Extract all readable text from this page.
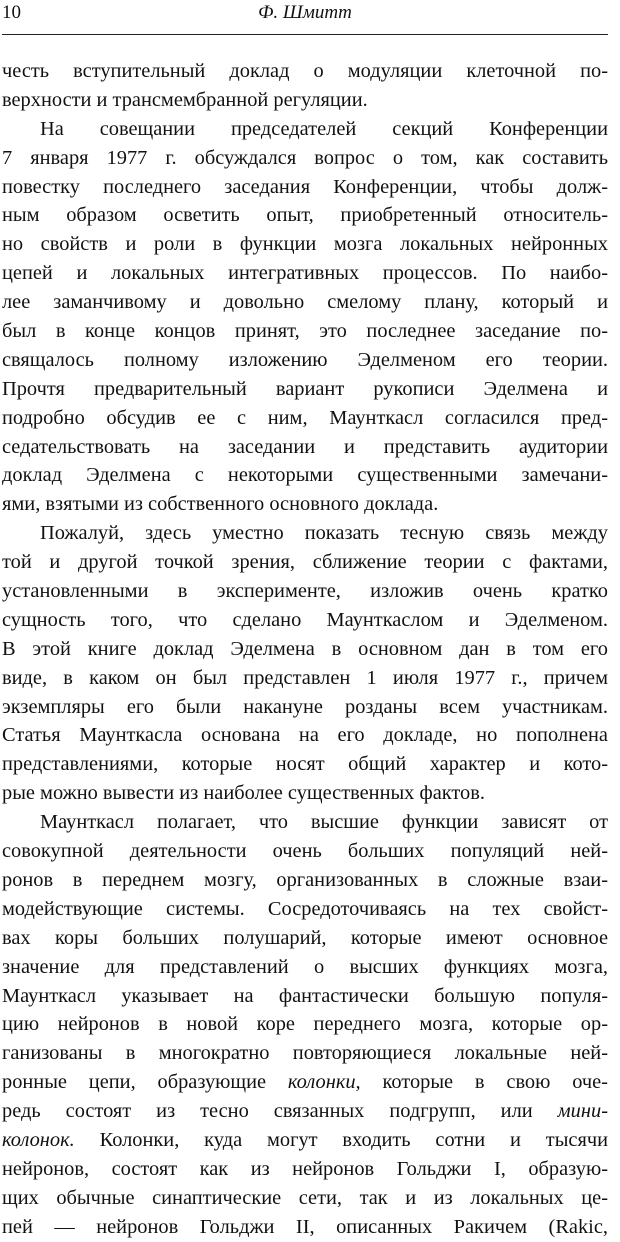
10	Ф. Шмитт
честь вступительный доклад о модуляции клеточной по-
верхности и трансмембранной регуляции.
На совещании председателей секций Конференции
7 января 1977 г. обсуждался вопрос о том, как составить
повестку последнего заседания Конференции, чтобы долж-
ным образом осветить опыт, приобретенный относитель-
но свойств и роли в функции мозга локальных нейронных
цепей и локальных интегративных процессов. По наибо-
лее заманчивому и довольно смелому плану, который и
был в конце концов принят, это последнее заседание по-
свящалось полному изложению Эделменом его теории.
Прочтя предварительный вариант рукописи Эделмена и
подробно обсудив ее с ним, Маунткасл согласился пред-
седательствовать на заседании и представить аудитории
доклад Эделмена с некоторыми существенными замечани-
ями, взятыми из собственного основного доклада.
Пожалуй, здесь уместно показать тесную связь между
той и другой точкой зрения, сближение теории с фактами,
установленными в эксперименте, изложив очень кратко
сущность того, что сделано Маунткаслом и Эделменом.
В этой книге доклад Эделмена в основном дан в том его
виде, в каком он был представлен 1 июля 1977 г., причем
экземпляры его были накануне розданы всем участникам.
Статья Маунткасла основана на его докладе, но пополнена
представлениями, которые носят общий характер и кото-
рые можно вывести из наиболее существенных фактов.
Маунткасл полагает, что высшие функции зависят от
совокупной деятельности очень больших популяций ней-
ронов в переднем мозгу, организованных в сложные взаи-
модействующие системы. Сосредоточиваясь на тех свойст-
вах коры больших полушарий, которые имеют основное
значение для представлений о высших функциях мозга,
Маунткасл указывает на фантастически большую популя-
цию нейронов в новой коре переднего мозга, которые ор-
ганизованы в многократно повторяющиеся локальные ней-
ронные цепи, образующие колонки, которые в свою оче-
редь состоят из тесно связанных подгрупп, или мини-
колонок. Колонки, куда могут входить сотни и тысячи
нейронов, состоят как из нейронов Гольджи I, образую-
щих обычные синаптические сети, так и из локальных це-
пей — нейронов Гольджи II, описанных Ракичем (Rakic,
